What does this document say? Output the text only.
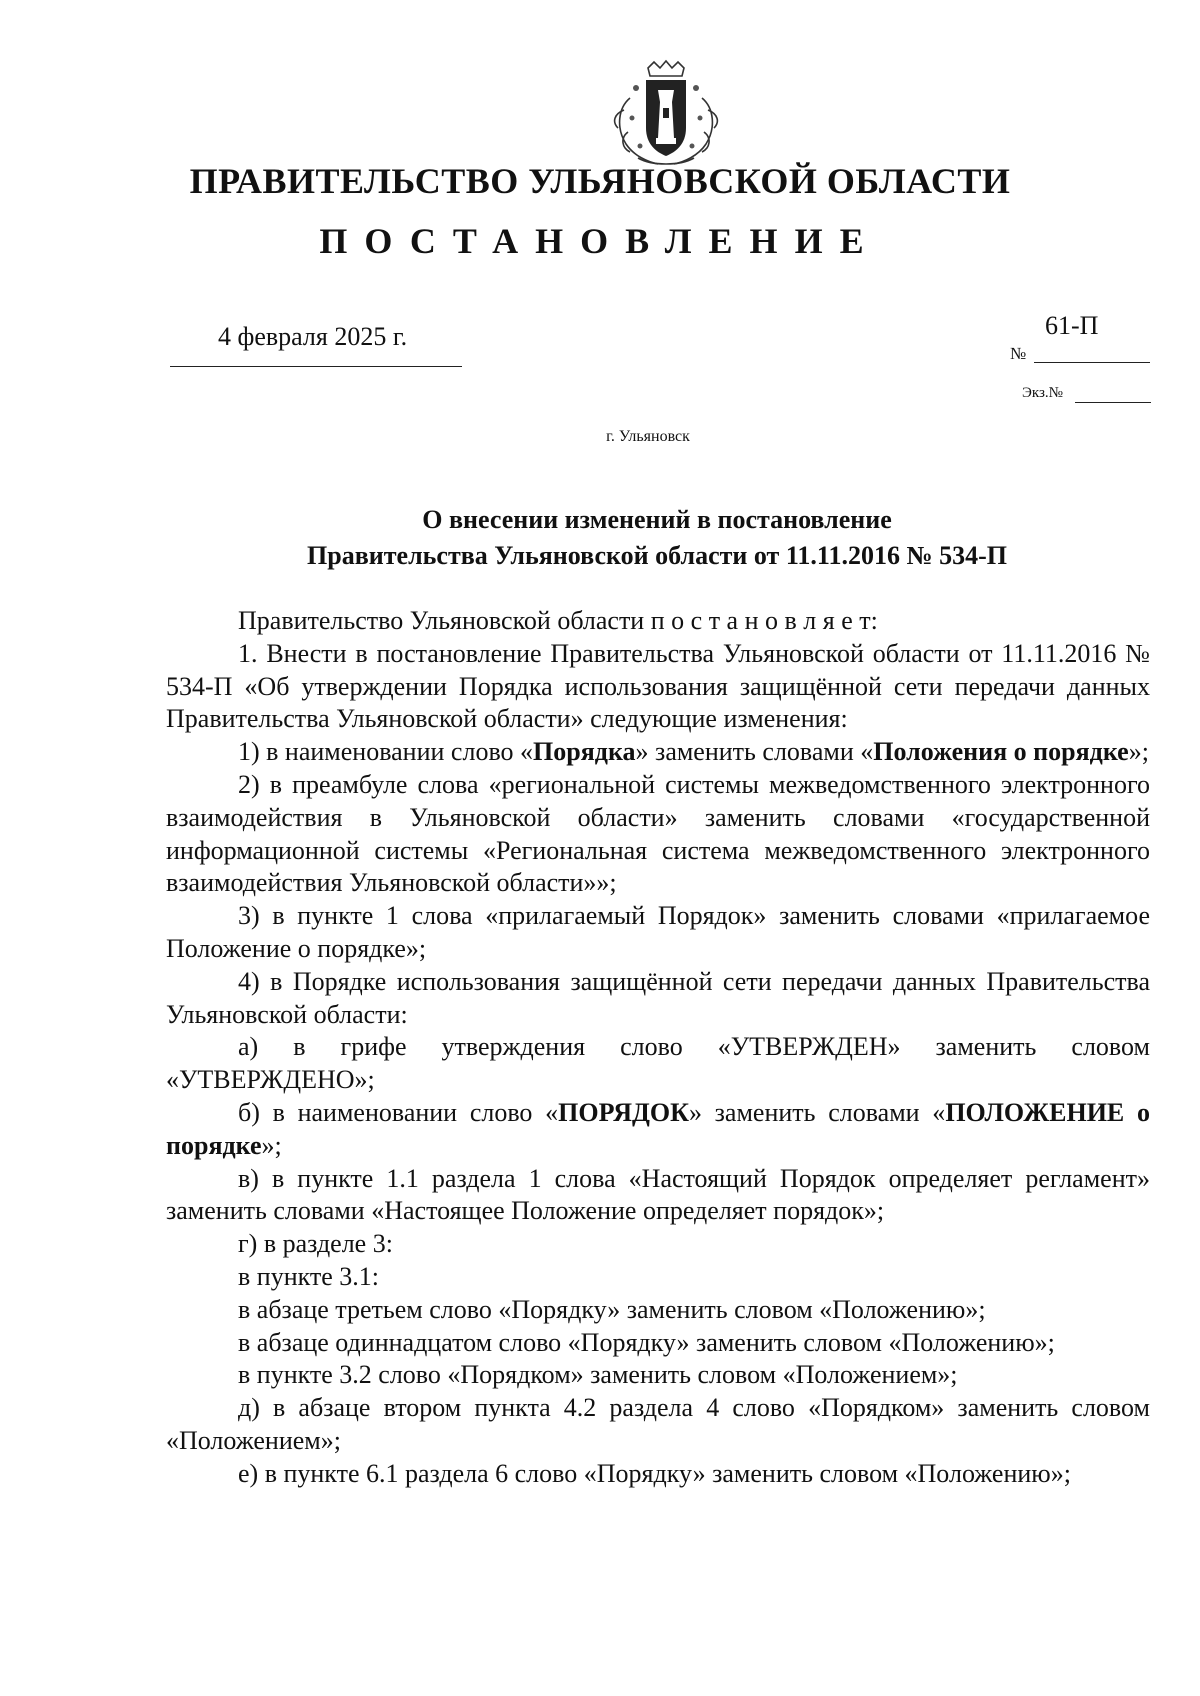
ПРАВИТЕЛЬСТВО УЛЬЯНОВСКОЙ ОБЛАСТИ
ПОСТАНОВЛЕНИЕ
4 февраля 2025 г.
№
61-П
Экз.№
г. Ульяновск
О внесении изменений в постановление
Правительства Ульяновской области от 11.11.2016 № 534-П

Правительство Ульяновской области п о с т а н о в л я е т:

1. Внести в постановление Правительства Ульяновской области от 11.11.2016 № 534-П «Об утверждении Порядка использования защищённой сети передачи данных Правительства Ульяновской области» следующие изменения:

1) в наименовании слово «Порядка» заменить словами «Положения о порядке»;

2) в преамбуле слова «региональной системы межведомственного электронного взаимодействия в Ульяновской области» заменить словами «государственной информационной системы «Региональная система межведомственного электронного взаимодействия Ульяновской области»»;

3) в пункте 1 слова «прилагаемый Порядок» заменить словами «прилагаемое Положение о порядке»;

4) в Порядке использования защищённой сети передачи данных Правительства Ульяновской области:

а) в грифе утверждения слово «УТВЕРЖДЕН» заменить словом «УТВЕРЖДЕНО»;

б) в наименовании слово «ПОРЯДОК» заменить словами «ПОЛОЖЕНИЕ о порядке»;

в) в пункте 1.1 раздела 1 слова «Настоящий Порядок определяет регламент» заменить словами «Настоящее Положение определяет порядок»;

г) в разделе 3:

в пункте 3.1:

в абзаце третьем слово «Порядку» заменить словом «Положению»;

в абзаце одиннадцатом слово «Порядку» заменить словом «Положению»;

в пункте 3.2 слово «Порядком» заменить словом «Положением»;

д) в абзаце втором пункта 4.2 раздела 4 слово «Порядком» заменить словом «Положением»;

е) в пункте 6.1 раздела 6 слово «Порядку» заменить словом «Положению»;
